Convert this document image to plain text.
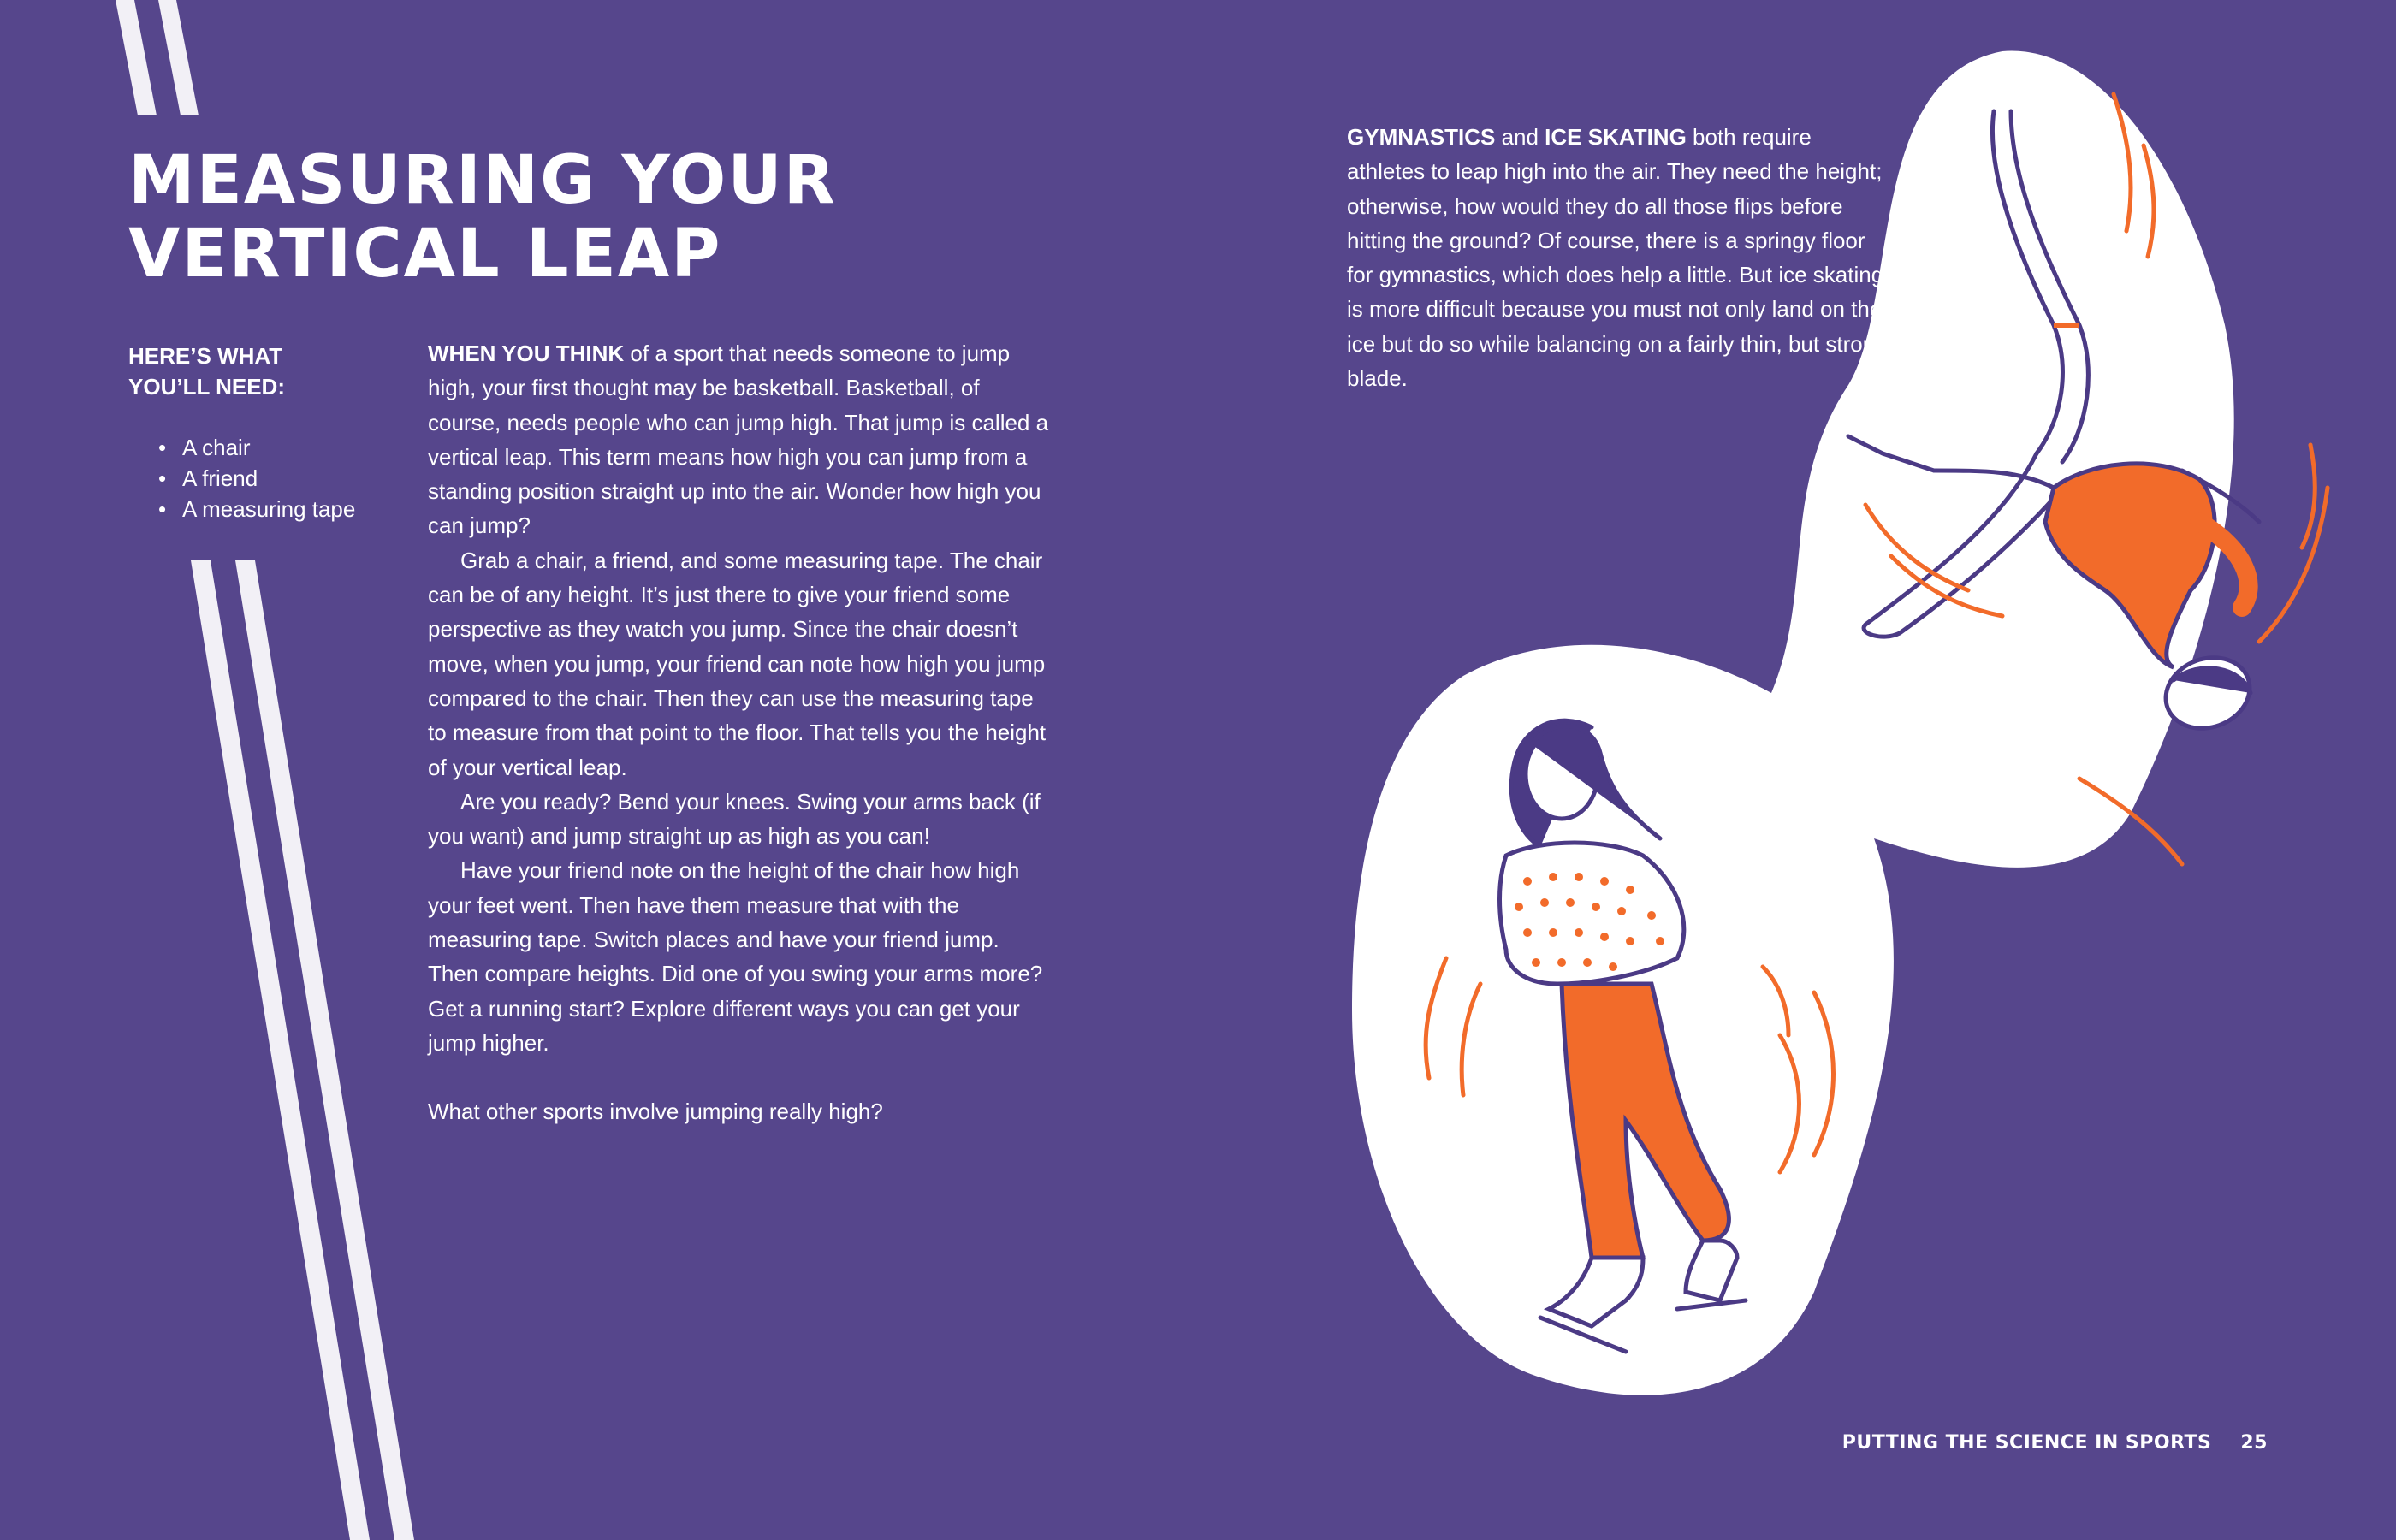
MEASURING YOUR
VERTICAL LEAP
HERE’S WHAT
YOU’LL NEED:
• A chair
• A friend
• A measuring tape

WHEN YOU THINK of a sport that needs someone to jump high, your first thought may be basketball. Basketball, of course, needs people who can jump high. That jump is called a vertical leap. This term means how high you can jump from a standing position straight up into the air. Wonder how high you can jump?

Grab a chair, a friend, and some measuring tape. The chair can be of any height. It’s just there to give your friend some perspective as they watch you jump. Since the chair doesn’t move, when you jump, your friend can note how high you jump compared to the chair. Then they can use the measuring tape to measure from that point to the floor. That tells you the height of your vertical leap.

Are you ready? Bend your knees. Swing your arms back (if you want) and jump straight up as high as you can!

Have your friend note on the height of the chair how high your feet went. Then have them measure that with the measuring tape. Switch places and have your friend jump. Then compare heights. Did one of you swing your arms more? Get a running start? Explore different ways you can get your jump higher.

What other sports involve jumping really high?

GYMNASTICS and ICE SKATING both require athletes to leap high into the air. They need the height; otherwise, how would they do all those flips before hitting the ground? Of course, there is a springy floor for gymnastics, which does help a little. But ice skating is more difficult because you must not only land on the ice but do so while balancing on a fairly thin, but strong, blade.

PUTTING THE SCIENCE IN SPORTS 25
